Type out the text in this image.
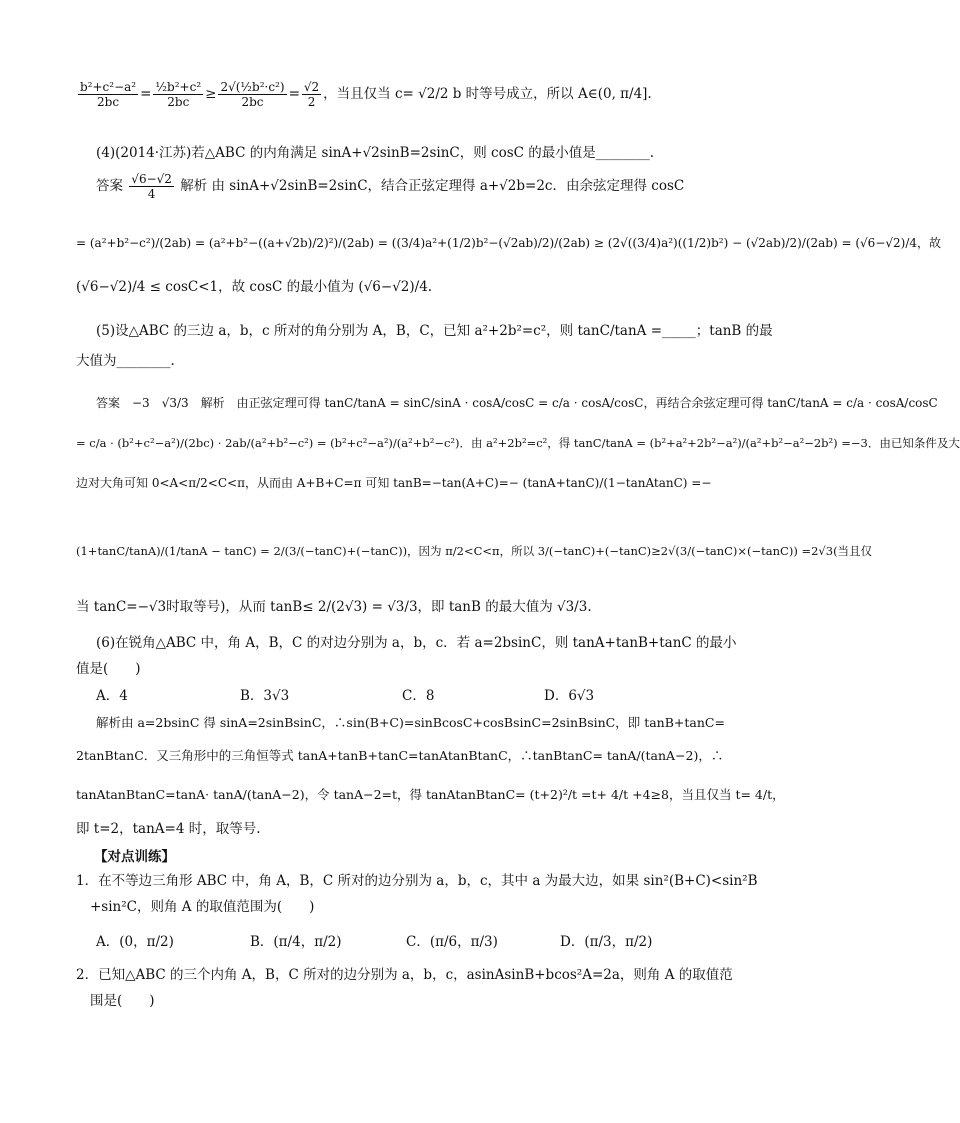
$\frac{\text{b²+c²−a²}}{2bc} = \frac{\text{½b²+c²}}{2bc} \ge \frac{\text{2√(½b²·c²)}}{2bc} = \frac{√2}{2}$ ，当且仅当 c= √2/2 b 时等号成立，所以 A∈(0, π/4].
(4)(2014·江苏)若△ABC 的内角满足 sinA+√2sinB=2sinC，则 cosC 的最小值是________.
答案 $\frac{√6-√2}{4}$ 解析 由 sinA+√2sinB=2sinC，结合正弦定理得 a+√2b=2c．由余弦定理得 cosC
= (a²+b²−c²)/(2ab) = (a²+b²−((a+√2b)/2)²)/(2ab) = ((3/4)a²+(1/2)b²−(√2ab)/2)/(2ab) ≥ (2√((3/4)a²)((1/2)b²) − (√2ab)/2)/(2ab) = (√6−√2)/4，故
(√6−√2)/4 ≤ cosC<1，故 cosC 的最小值为 (√6−√2)/4.
(5)设△ABC 的三边 a，b，c 所对的角分别为 A，B，C，已知 a²+2b²=c²，则 tanC/tanA =_____；tanB 的最
大值为________.
答案　−3　√3/3　解析　由正弦定理可得 tanC/tanA = sinC/sinA · cosA/cosC = c/a · cosA/cosC，再结合余弦定理可得 tanC/tanA = c/a · cosA/cosC
= c/a · (b²+c²−a²)/(2bc) · 2ab/(a²+b²−c²) = (b²+c²−a²)/(a²+b²−c²)．由 a²+2b²=c²，得 tanC/tanA = (b²+a²+2b²−a²)/(a²+b²−a²−2b²) =−3．由已知条件及大
边对大角可知 0<A<π/2<C<π，从而由 A+B+C=π 可知 tanB=−tan(A+C)=− (tanA+tanC)/(1−tanAtanC) =−
(1+tanC/tanA)/(1/tanA − tanC) = 2/(3/(−tanC)+(−tanC))，因为 π/2<C<π，所以 3/(−tanC)+(−tanC)≥2√(3/(−tanC)×(−tanC)) =2√3(当且仅
当 tanC=−√3时取等号)，从而 tanB≤ 2/(2√3) = √3/3，即 tanB 的最大值为 √3/3.
(6)在锐角△ABC 中，角 A，B，C 的对边分别为 a，b，c．若 a=2bsinC，则 tanA+tanB+tanC 的最小
值是(　　)
A．4	B．3√3	C．8	D．6√3
解析由 a=2bsinC 得 sinA=2sinBsinC，∴sin(B+C)=sinBcosC+cosBsinC=2sinBsinC，即 tanB+tanC=
2tanBtanC．又三角形中的三角恒等式 tanA+tanB+tanC=tanAtanBtanC，∴tanBtanC= tanA/(tanA−2)，∴
tanAtanBtanC=tanA· tanA/(tanA−2)，令 tanA−2=t，得 tanAtanBtanC= (t+2)²/t =t+ 4/t +4≥8，当且仅当 t= 4/t，
即 t=2，tanA=4 时，取等号.
【对点训练】
1．在不等边三角形 ABC 中，角 A，B，C 所对的边分别为 a，b，c，其中 a 为最大边，如果 sin²(B+C)<sin²B
+sin²C，则角 A 的取值范围为(　　)
A．(0，π/2)	B．(π/4，π/2)	C．(π/6，π/3)	D．(π/3，π/2)
2．已知△ABC 的三个内角 A，B，C 所对的边分别为 a，b，c，asinAsinB+bcos²A=2a，则角 A 的取值范
围是(　　)
